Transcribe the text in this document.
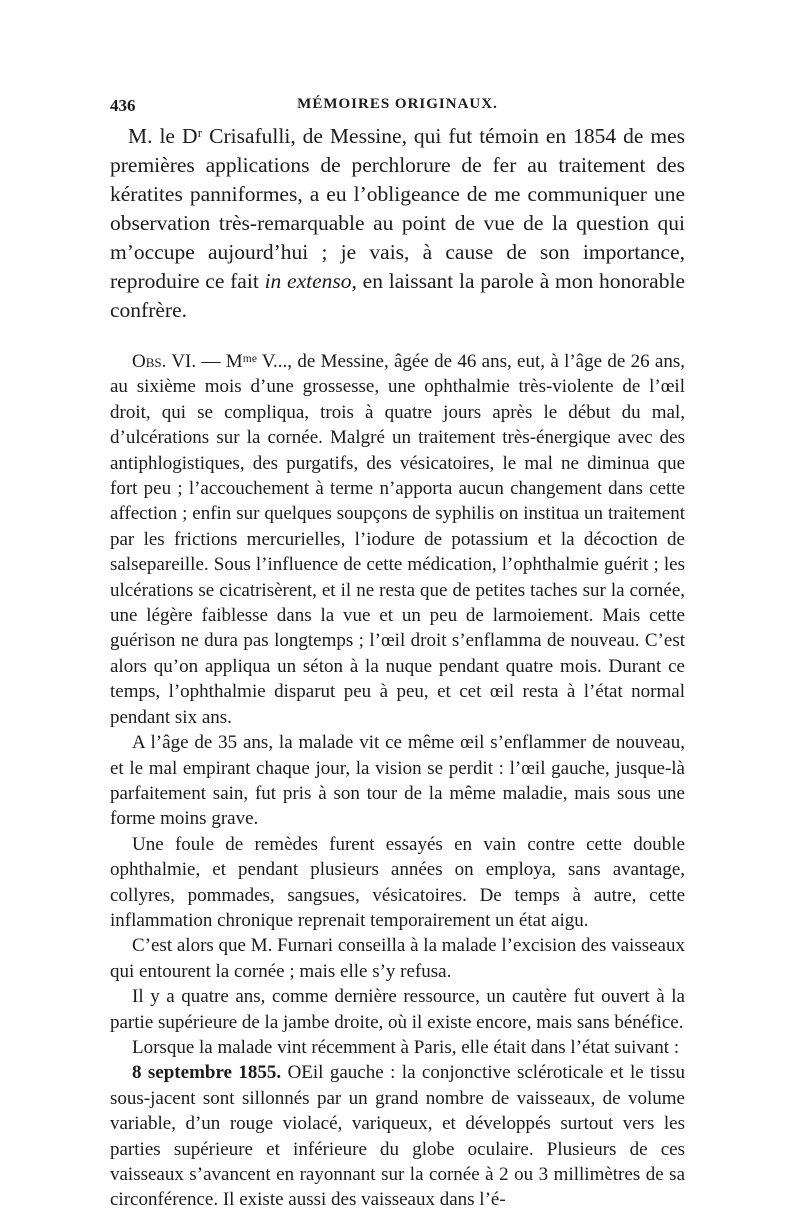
436	MÉMOIRES ORIGINAUX.

M. le Dʳ Crisafulli, de Messine, qui fut témoin en 1854 de mes premières applications de perchlorure de fer au traitement des kératites panniformes, a eu l’obligeance de me communiquer une observation très-remarquable au point de vue de la question qui m’occupe aujourd’hui ; je vais, à cause de son importance, reproduire ce fait in extenso, en laissant la parole à mon honorable confrère.

Obs. VI. — Mᵐᵉ V..., de Messine, âgée de 46 ans, eut, à l’âge de 26 ans, au sixième mois d’une grossesse, une ophthalmie très-violente de l’œil droit, qui se compliqua, trois à quatre jours après le début du mal, d’ulcérations sur la cornée. Malgré un traitement très-énergique avec des antiphlogistiques, des purgatifs, des vésicatoires, le mal ne diminua que fort peu ; l’accouchement à terme n’apporta aucun changement dans cette affection ; enfin sur quelques soupçons de syphilis on institua un traitement par les frictions mercurielles, l’iodure de potassium et la décoction de salsepareille. Sous l’influence de cette médication, l’ophthalmie guérit ; les ulcérations se cicatrisèrent, et il ne resta que de petites taches sur la cornée, une légère faiblesse dans la vue et un peu de larmoiement. Mais cette guérison ne dura pas longtemps ; l’œil droit s’enflamma de nouveau. C’est alors qu’on appliqua un séton à la nuque pendant quatre mois. Durant ce temps, l’ophthalmie disparut peu à peu, et cet œil resta à l’état normal pendant six ans.

A l’âge de 35 ans, la malade vit ce même œil s’enflammer de nouveau, et le mal empirant chaque jour, la vision se perdit : l’œil gauche, jusque-là parfaitement sain, fut pris à son tour de la même maladie, mais sous une forme moins grave.

Une foule de remèdes furent essayés en vain contre cette double ophthalmie, et pendant plusieurs années on employa, sans avantage, collyres, pommades, sangsues, vésicatoires. De temps à autre, cette inflammation chronique reprenait temporairement un état aigu.

C’est alors que M. Furnari conseilla à la malade l’excision des vaisseaux qui entourent la cornée ; mais elle s’y refusa.

Il y a quatre ans, comme dernière ressource, un cautère fut ouvert à la partie supérieure de la jambe droite, où il existe encore, mais sans bénéfice.

Lorsque la malade vint récemment à Paris, elle était dans l’état suivant :

8 septembre 1855. OEil gauche : la conjonctive scléroticale et le tissu sous-jacent sont sillonnés par un grand nombre de vaisseaux, de volume variable, d’un rouge violacé, variqueux, et développés surtout vers les parties supérieure et inférieure du globe oculaire. Plusieurs de ces vaisseaux s’avancent en rayonnant sur la cornée à 2 ou 3 millimètres de sa circonférence. Il existe aussi des vaisseaux dans l’é-
